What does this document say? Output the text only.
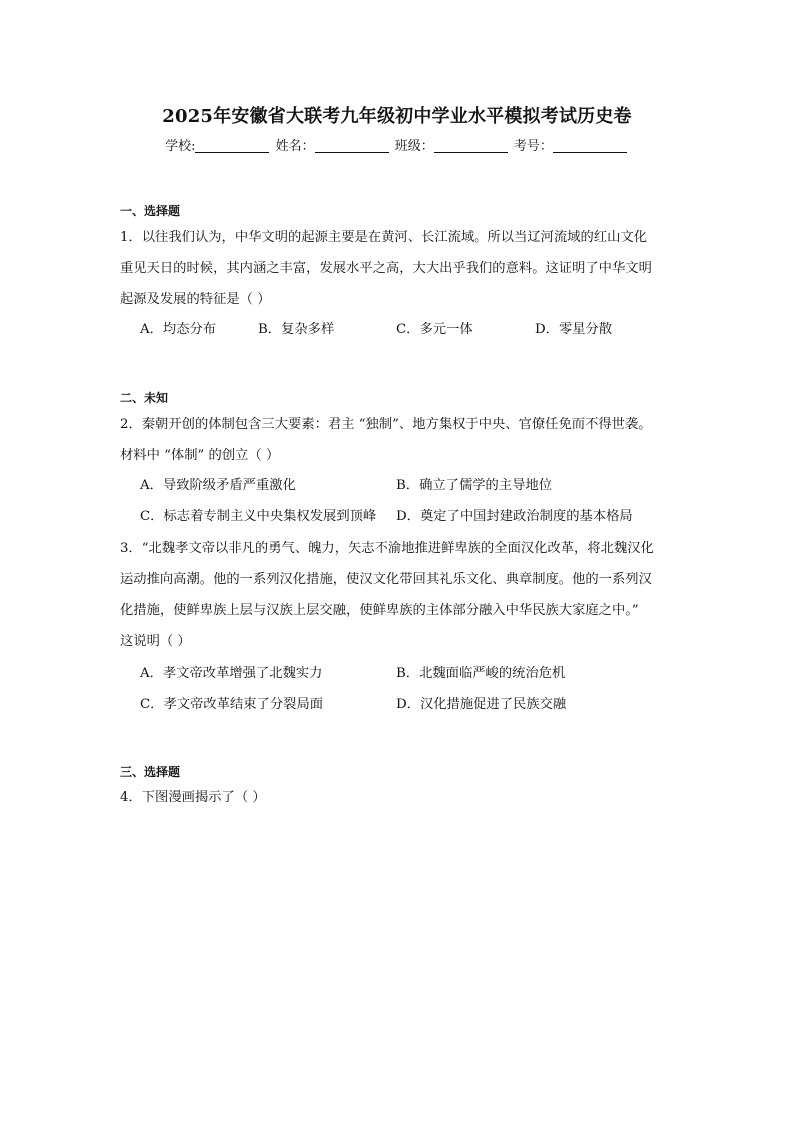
2025年安徽省大联考九年级初中学业水平模拟考试历史卷
学校:	姓名：	班级：	考号：
一、选择题
1．以往我们认为，中华文明的起源主要是在黄河、长江流域。所以当辽河流域的红山文化
重见天日的时候，其内涵之丰富，发展水平之高，大大出乎我们的意料。这证明了中华文明
起源及发展的特征是（ ）
A．均态分布	B．复杂多样	C．多元一体	D．零星分散
二、未知
2．秦朝开创的体制包含三大要素：君主 “独制”、地方集权于中央、官僚任免而不得世袭。
材料中 “体制” 的创立（ ）
A．导致阶级矛盾严重激化	B．确立了儒学的主导地位
C．标志着专制主义中央集权发展到顶峰 D．奠定了中国封建政治制度的基本格局
3．“北魏孝文帝以非凡的勇气、魄力，矢志不渝地推进鲜卑族的全面汉化改革，将北魏汉化
运动推向高潮。他的一系列汉化措施，使汉文化带回其礼乐文化、典章制度。他的一系列汉
化措施，使鲜卑族上层与汉族上层交融，使鲜卑族的主体部分融入中华民族大家庭之中。”
这说明（ ）
A．孝文帝改革增强了北魏实力	B．北魏面临严峻的统治危机
C．孝文帝改革结束了分裂局面	D．汉化措施促进了民族交融
三、选择题
4．下图漫画揭示了（ ）
